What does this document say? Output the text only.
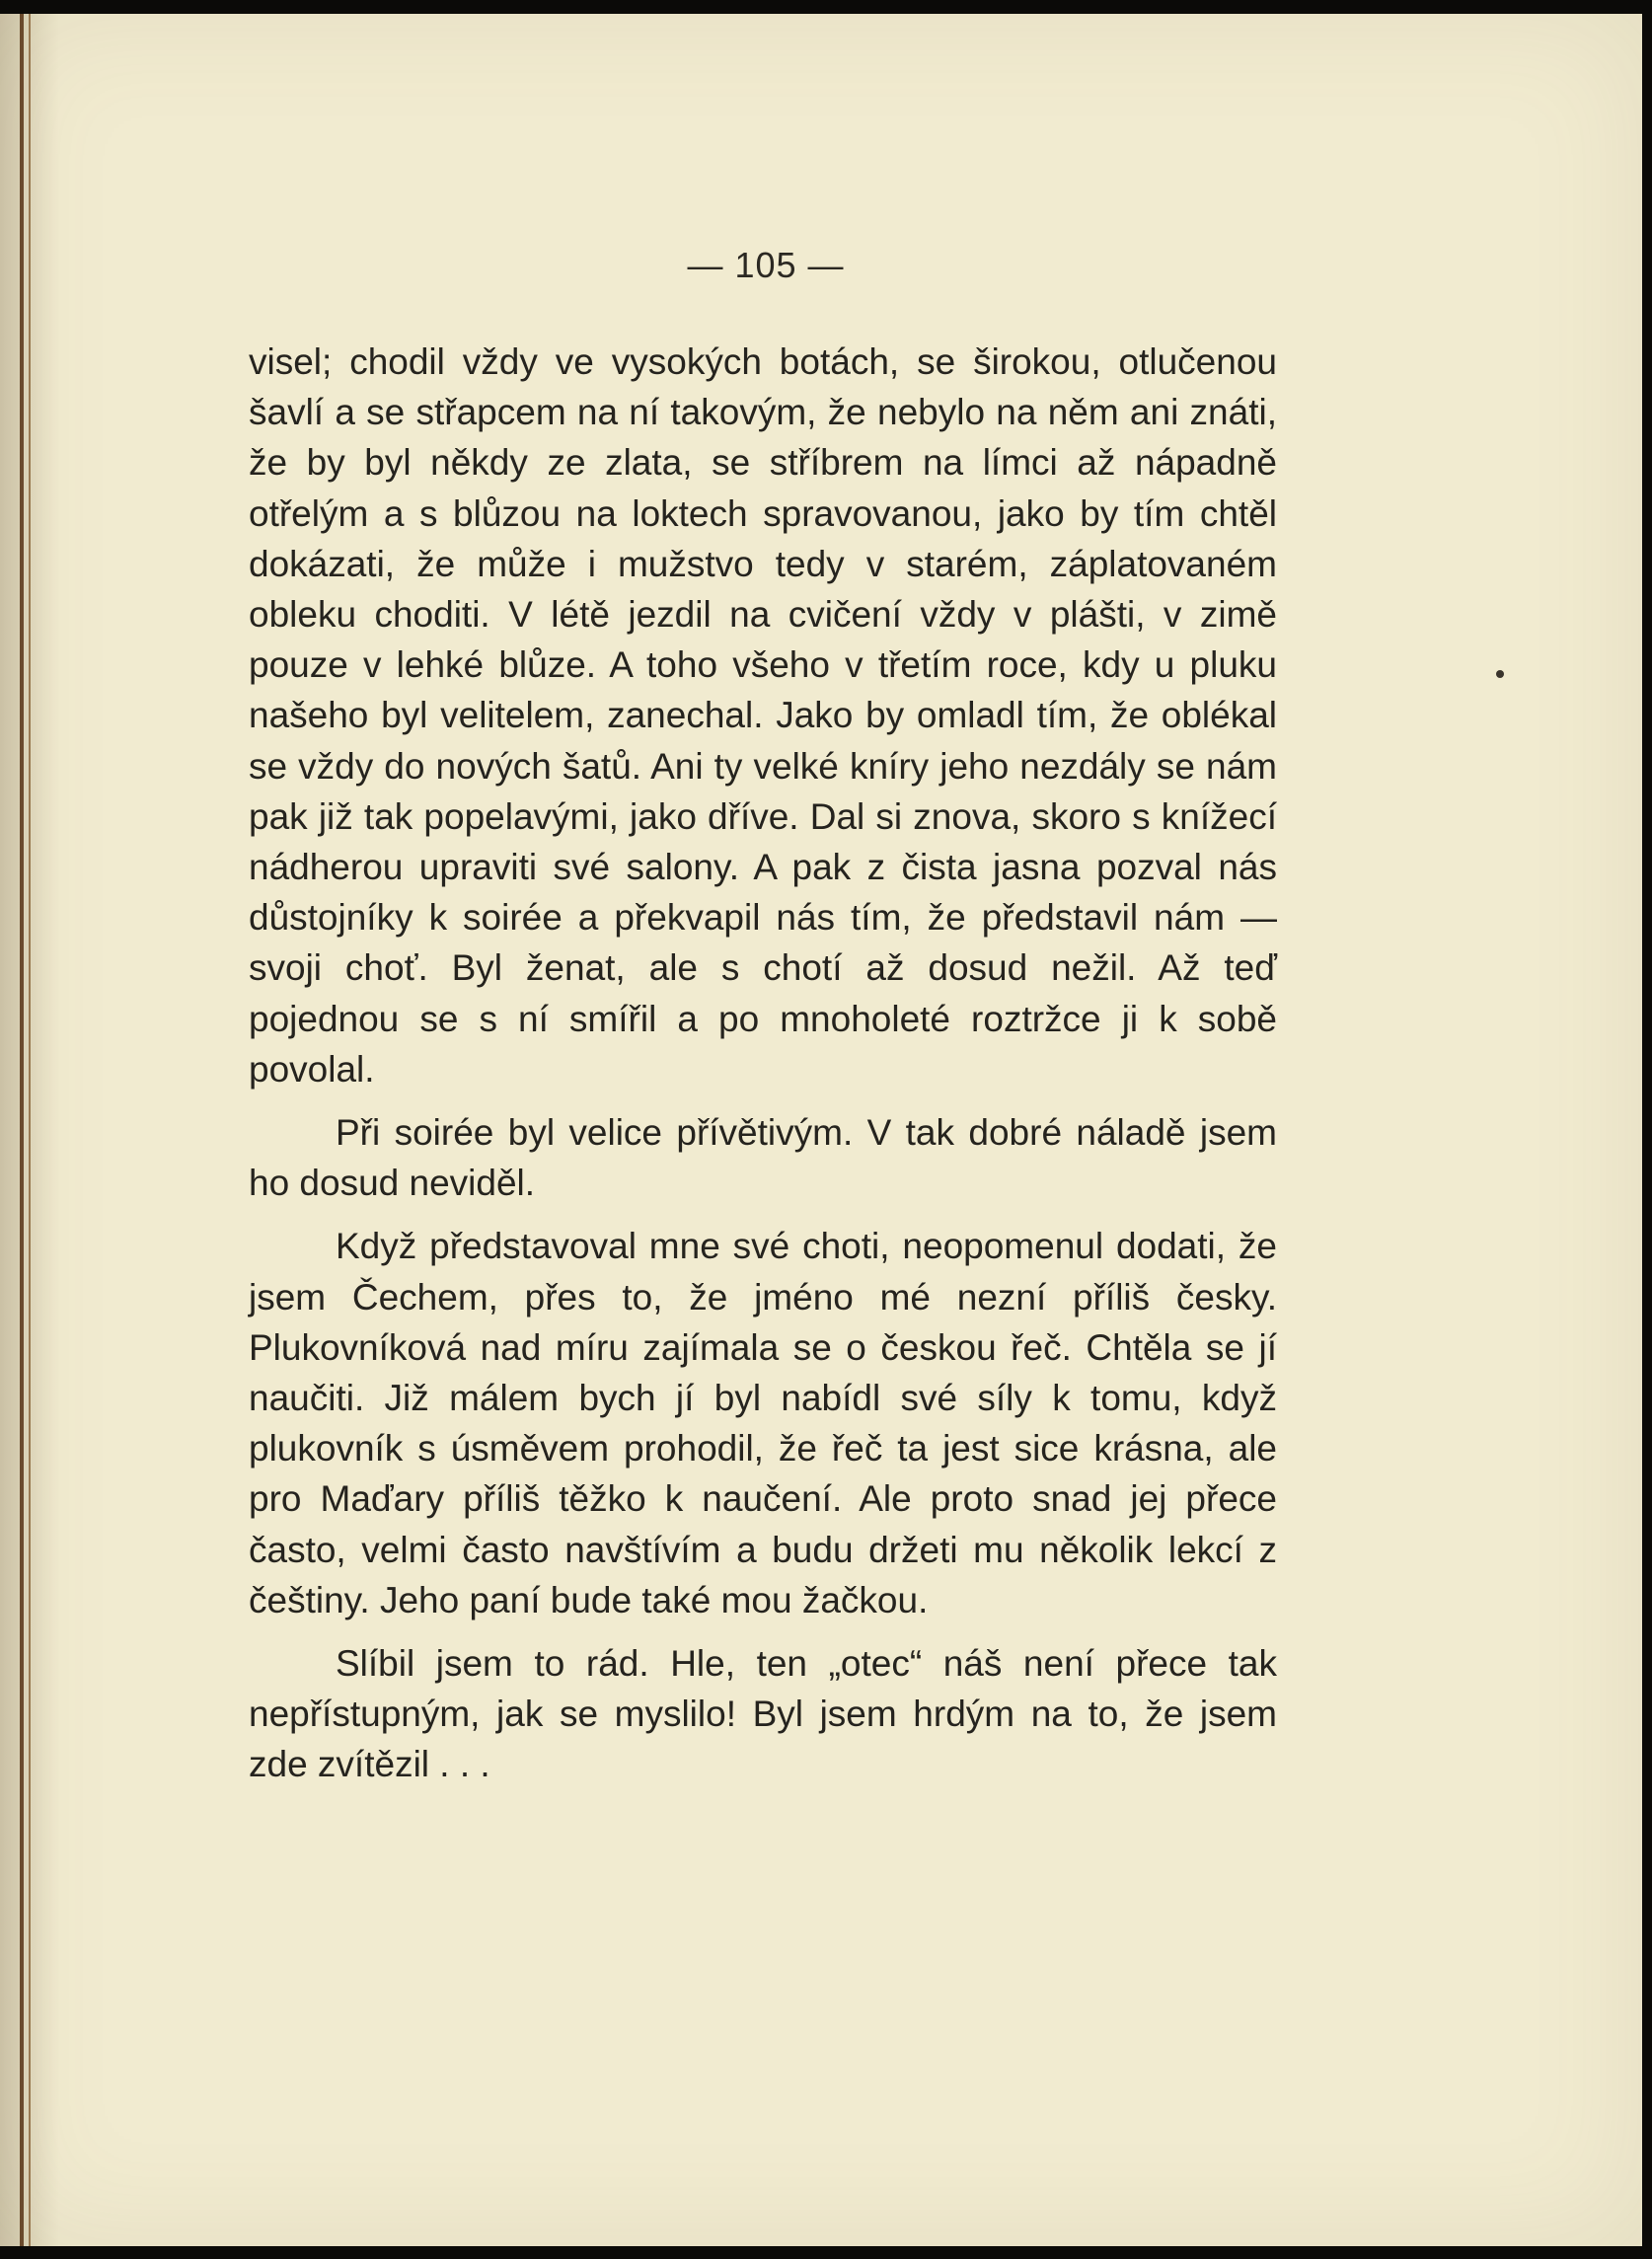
— 105 —

visel; chodil vždy ve vysokých botách, se širokou, otlučenou šavlí a se střapcem na ní takovým, že nebylo na něm ani znáti, že by byl někdy ze zlata, se stříbrem na límci až nápadně otřelým a s blůzou na loktech spravovanou, jako by tím chtěl dokázati, že může i mužstvo tedy v starém, záplatovaném obleku choditi. V létě jezdil na cvičení vždy v plášti, v zimě pouze v lehké blůze. A toho všeho v třetím roce, kdy u pluku našeho byl velitelem, zanechal. Jako by omladl tím, že oblékal se vždy do nových šatů. Ani ty velké kníry jeho nezdály se nám pak již tak popelavými, jako dříve. Dal si znova, skoro s knížecí nádherou upraviti své salony. A pak z čista jasna pozval nás důstojníky k soirée a překvapil nás tím, že představil nám — svoji choť. Byl ženat, ale s chotí až dosud nežil. Až teď pojednou se s ní smířil a po mnoholeté roztržce ji k sobě povolal.

Při soirée byl velice přívětivým. V tak dobré náladě jsem ho dosud neviděl.

Když představoval mne své choti, neopomenul dodati, že jsem Čechem, přes to, že jméno mé nezní příliš česky. Plukovníková nad míru zajímala se o českou řeč. Chtěla se jí naučiti. Již málem bych jí byl nabídl své síly k tomu, když plukovník s úsměvem prohodil, že řeč ta jest sice krásna, ale pro Maďary příliš těžko k naučení. Ale proto snad jej přece často, velmi často navštívím a budu držeti mu několik lekcí z češtiny. Jeho paní bude také mou žačkou.

Slíbil jsem to rád. Hle, ten „otec“ náš není přece tak nepřístupným, jak se myslilo! Byl jsem hrdým na to, že jsem zde zvítězil . . .
